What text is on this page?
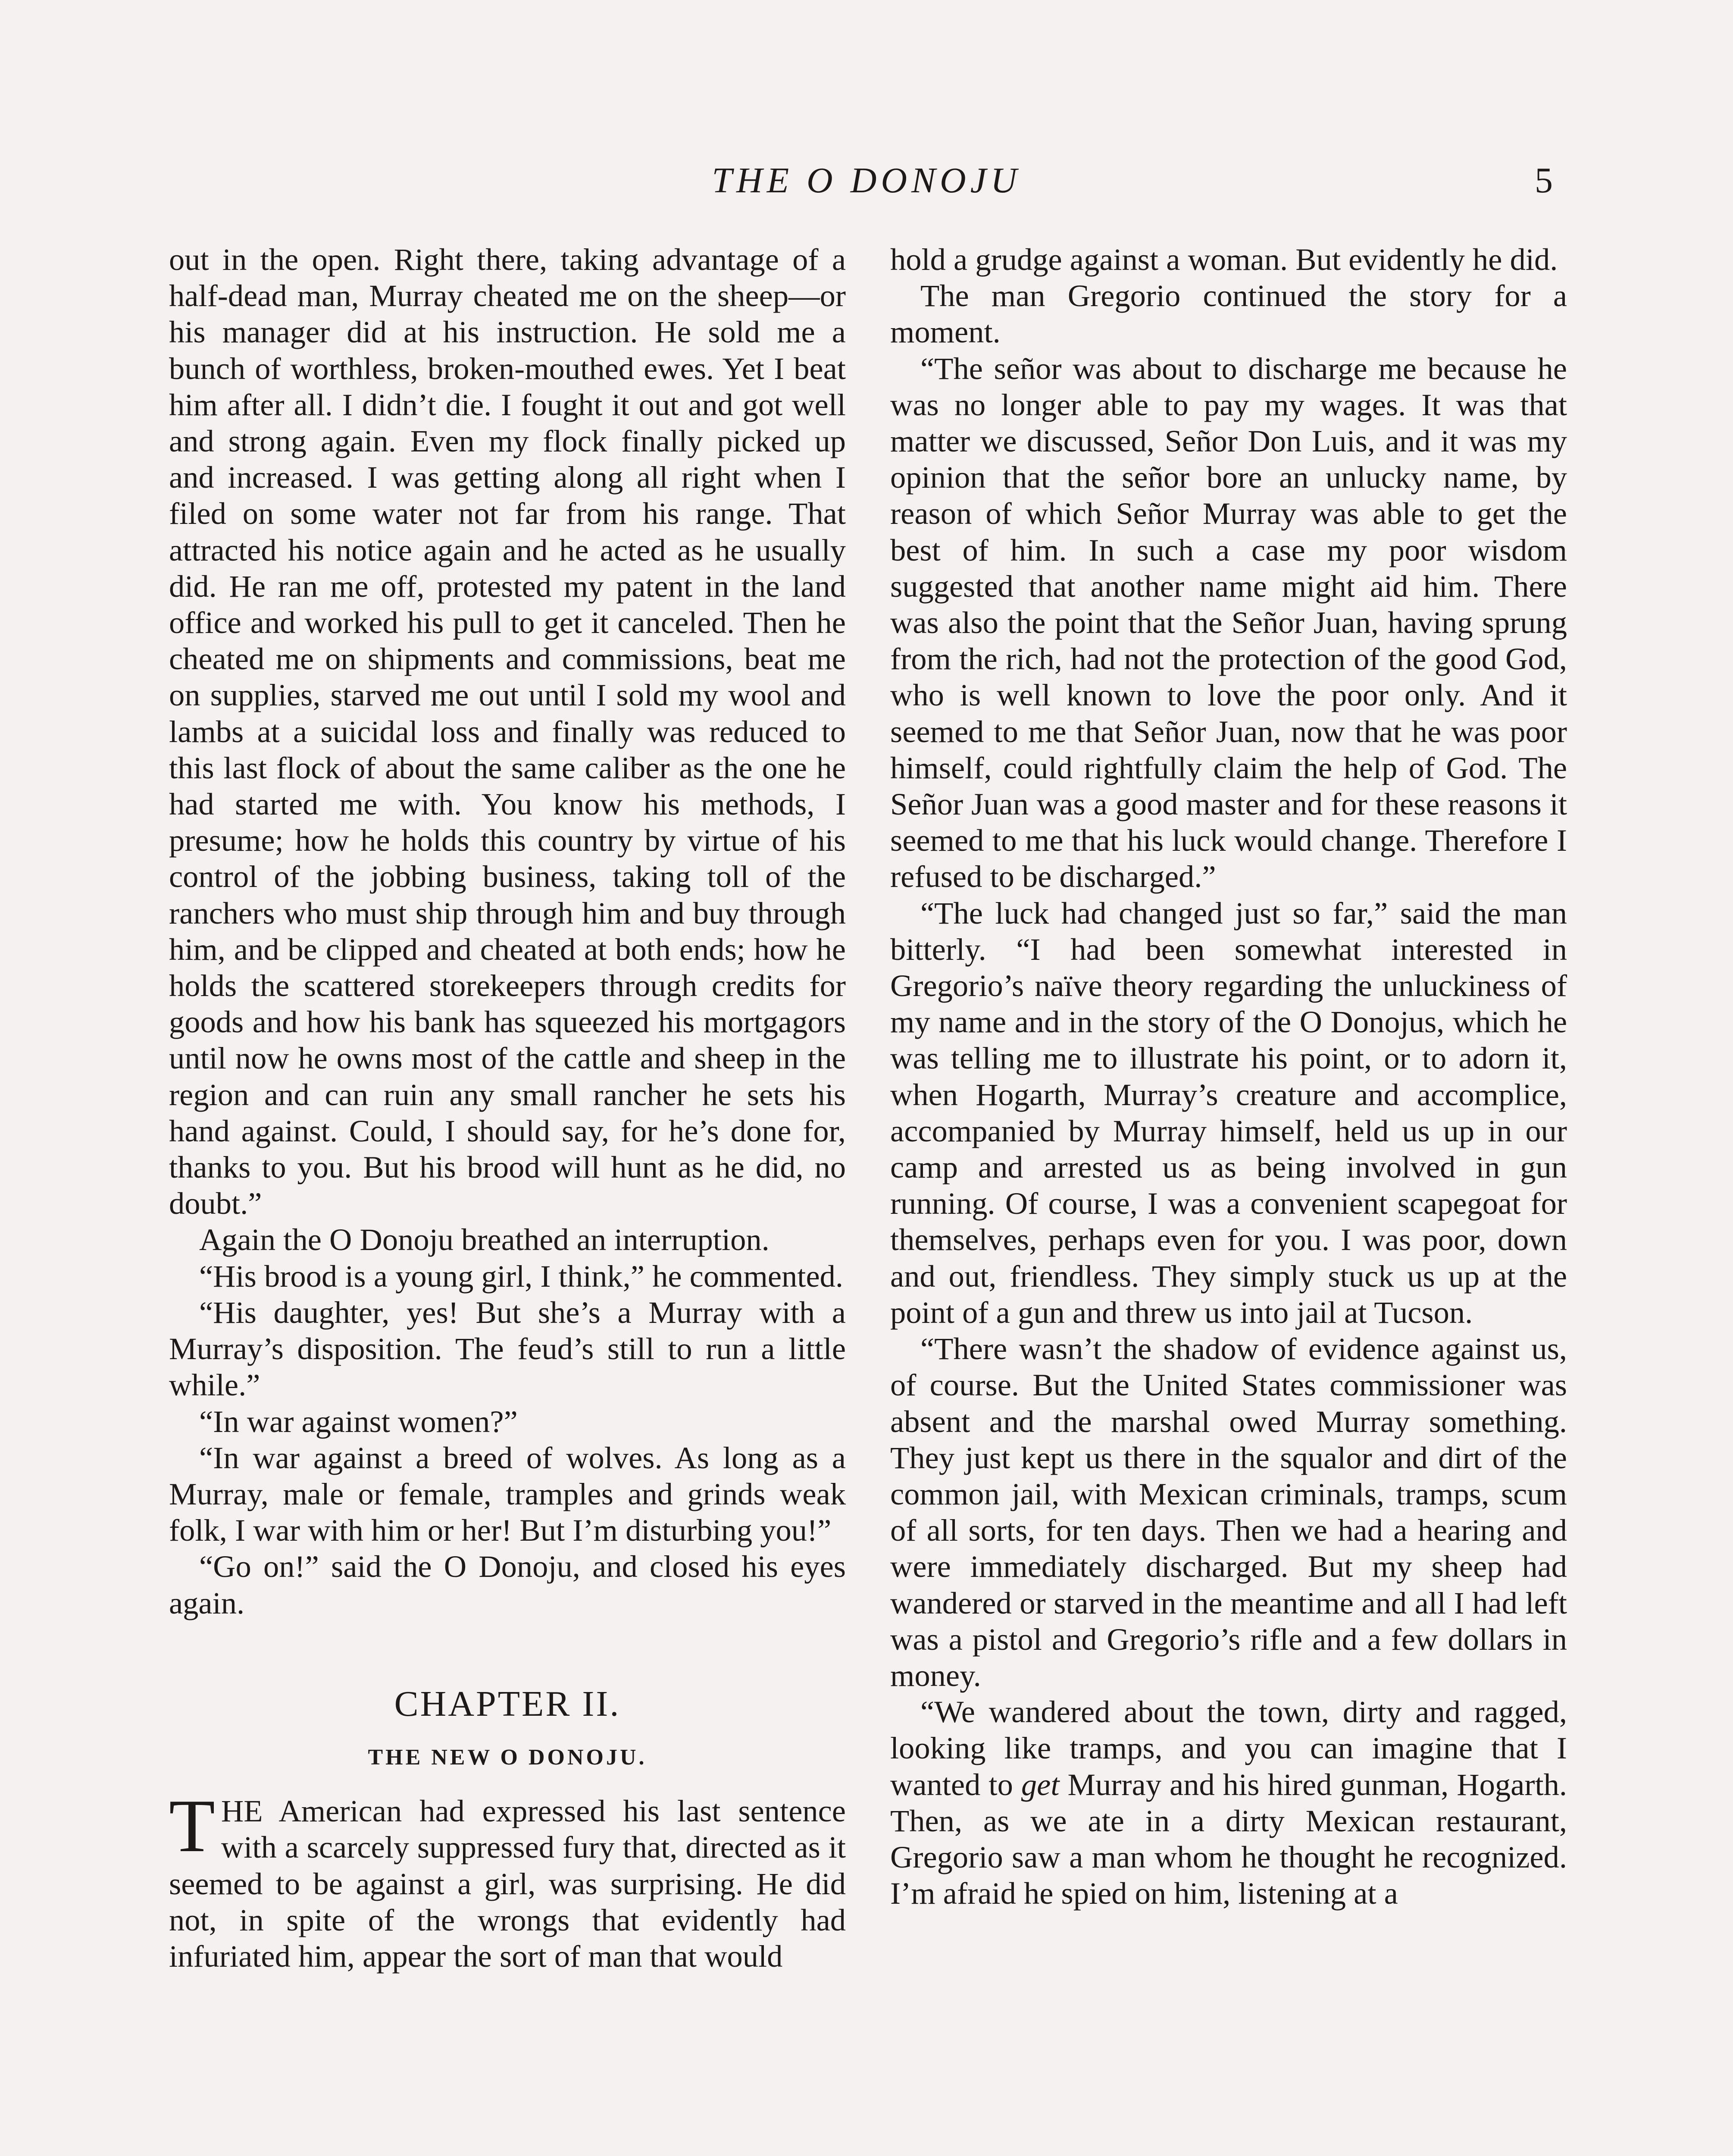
THE O DONOJU	5

out in the open. Right there, taking advantage of a half-dead man, Murray cheated me on the sheep—or his manager did at his instruction. He sold me a bunch of worthless, broken-mouthed ewes. Yet I beat him after all. I didn’t die. I fought it out and got well and strong again. Even my flock finally picked up and increased. I was getting along all right when I filed on some water not far from his range. That attracted his notice again and he acted as he usually did. He ran me off, protested my patent in the land office and worked his pull to get it canceled. Then he cheated me on shipments and commissions, beat me on supplies, starved me out until I sold my wool and lambs at a suicidal loss and finally was reduced to this last flock of about the same caliber as the one he had started me with. You know his methods, I presume; how he holds this country by virtue of his control of the jobbing business, taking toll of the ranchers who must ship through him and buy through him, and be clipped and cheated at both ends; how he holds the scattered storekeepers through credits for goods and how his bank has squeezed his mortgagors until now he owns most of the cattle and sheep in the region and can ruin any small rancher he sets his hand against. Could, I should say, for he’s done for, thanks to you. But his brood will hunt as he did, no doubt.”

Again the O Donoju breathed an interruption.

“His brood is a young girl, I think,” he commented.

“His daughter, yes! But she’s a Murray with a Murray’s disposition. The feud’s still to run a little while.”

“In war against women?”

“In war against a breed of wolves. As long as a Murray, male or female, tramples and grinds weak folk, I war with him or her! But I’m disturbing you!”

“Go on!” said the O Donoju, and closed his eyes again.

CHAPTER II.
THE NEW O DONOJU.

THE American had expressed his last sentence with a scarcely suppressed fury that, directed as it seemed to be against a girl, was surprising. He did not, in spite of the wrongs that evidently had infuriated him, appear the sort of man that would

hold a grudge against a woman. But evidently he did.

The man Gregorio continued the story for a moment.

“The señor was about to discharge me because he was no longer able to pay my wages. It was that matter we discussed, Señor Don Luis, and it was my opinion that the señor bore an unlucky name, by reason of which Señor Murray was able to get the best of him. In such a case my poor wisdom suggested that another name might aid him. There was also the point that the Señor Juan, having sprung from the rich, had not the protection of the good God, who is well known to love the poor only. And it seemed to me that Señor Juan, now that he was poor himself, could rightfully claim the help of God. The Señor Juan was a good master and for these reasons it seemed to me that his luck would change. Therefore I refused to be discharged.”

“The luck had changed just so far,” said the man bitterly. “I had been somewhat interested in Gregorio’s naïve theory regarding the unluckiness of my name and in the story of the O Donojus, which he was telling me to illustrate his point, or to adorn it, when Hogarth, Murray’s creature and accomplice, accompanied by Murray himself, held us up in our camp and arrested us as being involved in gun running. Of course, I was a convenient scapegoat for themselves, perhaps even for you. I was poor, down and out, friendless. They simply stuck us up at the point of a gun and threw us into jail at Tucson.

“There wasn’t the shadow of evidence against us, of course. But the United States commissioner was absent and the marshal owed Murray something. They just kept us there in the squalor and dirt of the common jail, with Mexican criminals, tramps, scum of all sorts, for ten days. Then we had a hearing and were immediately discharged. But my sheep had wandered or starved in the meantime and all I had left was a pistol and Gregorio’s rifle and a few dollars in money.

“We wandered about the town, dirty and ragged, looking like tramps, and you can imagine that I wanted to get Murray and his hired gunman, Hogarth. Then, as we ate in a dirty Mexican restaurant, Gregorio saw a man whom he thought he recognized. I’m afraid he spied on him, listening at a
